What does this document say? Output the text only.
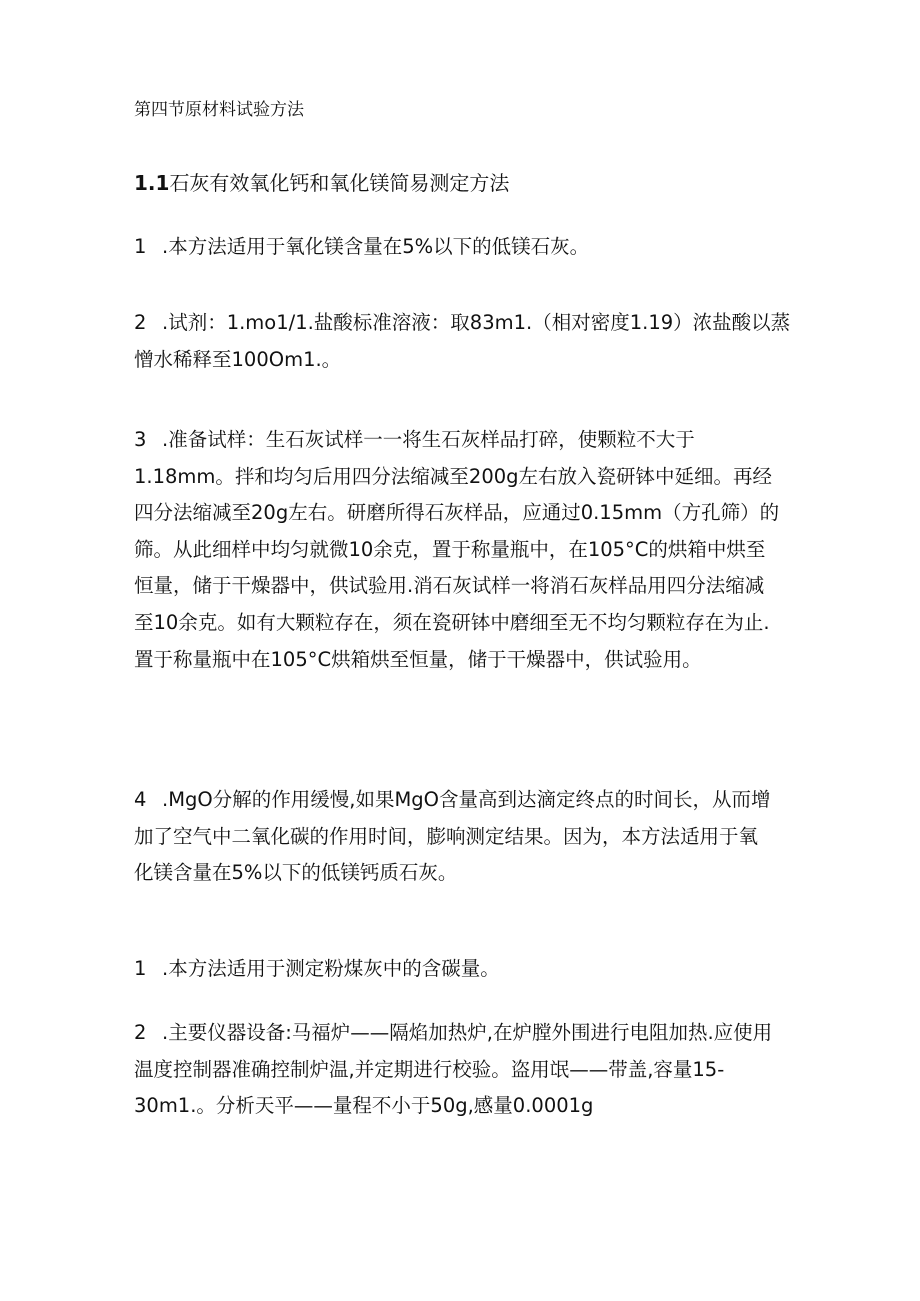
第四节原材料试验方法
1.1石灰有效氧化钙和氧化镁简易测定方法
1 .本方法适用于氧化镁含量在5%以下的低镁石灰。
2 .试剂：1.mo1/1.盐酸标准溶液：取83m1.（相对密度1.19）浓盐酸以蒸
憎水稀释至100Om1.。
3 .准备试样：生石灰试样一一将生石灰样品打碎，使颗粒不大于
1.18mm。拌和均匀后用四分法缩减至200g左右放入瓷研钵中延细。再经
四分法缩减至20g左右。研磨所得石灰样品，应通过0.15mm（方孔筛）的
筛。从此细样中均匀就微10余克，置于称量瓶中，在105°C的烘箱中烘至
恒量，储于干燥器中，供试验用.消石灰试样一将消石灰样品用四分法缩减
至10余克。如有大颗粒存在，须在瓷研钵中磨细至无不均匀颗粒存在为止.
置于称量瓶中在105°C烘箱烘至恒量，储于干燥器中，供试验用。
4 .MgO分解的作用缓慢,如果MgO含量高到达滴定终点的时间长，从而增
加了空气中二氧化碳的作用时间，膨响测定结果。因为，本方法适用于氧
化镁含量在5%以下的低镁钙质石灰。
1 .本方法适用于测定粉煤灰中的含碳量。
2 .主要仪器设备:马福炉——隔焰加热炉,在炉膛外围进行电阻加热.应使用
温度控制器准确控制炉温,并定期进行校验。盗用氓——带盖,容量15-
30m1.。分析天平——量程不小于50g,感量0.0001g
